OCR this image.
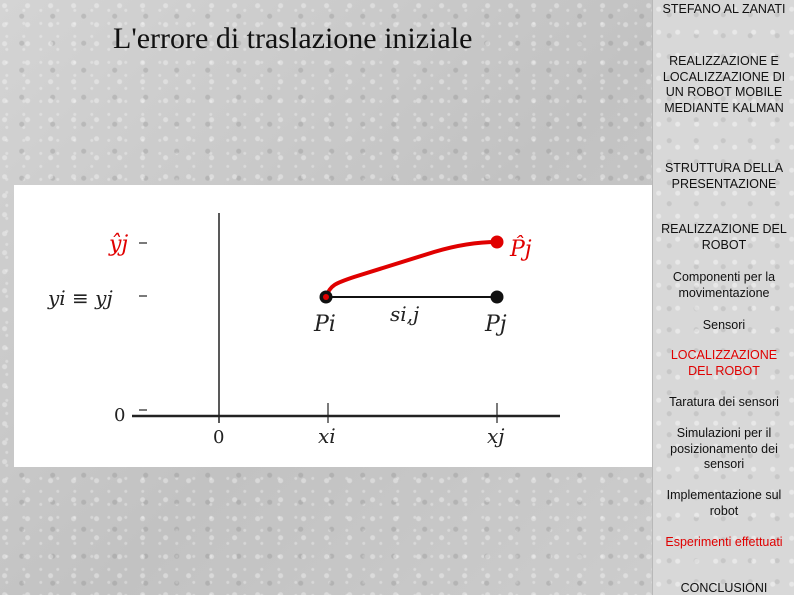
L'errore di traslazione iniziale
ŷj
yi ≡ yj
0
0	xi	xj
Pi	Pj
si,j
P̂j
STEFANO AL ZANATI
REALIZZAZIONE E LOCALIZZAZIONE DI UN ROBOT MOBILE MEDIANTE KALMAN
STRUTTURA DELLA PRESENTAZIONE
REALIZZAZIONE DEL ROBOT
Componenti per la movimentazione
Sensori
LOCALIZZAZIONE DEL ROBOT
Taratura dei sensori
Simulazioni per il posizionamento dei sensori
Implementazione sul robot
Esperimenti effettuati
CONCLUSIONI
